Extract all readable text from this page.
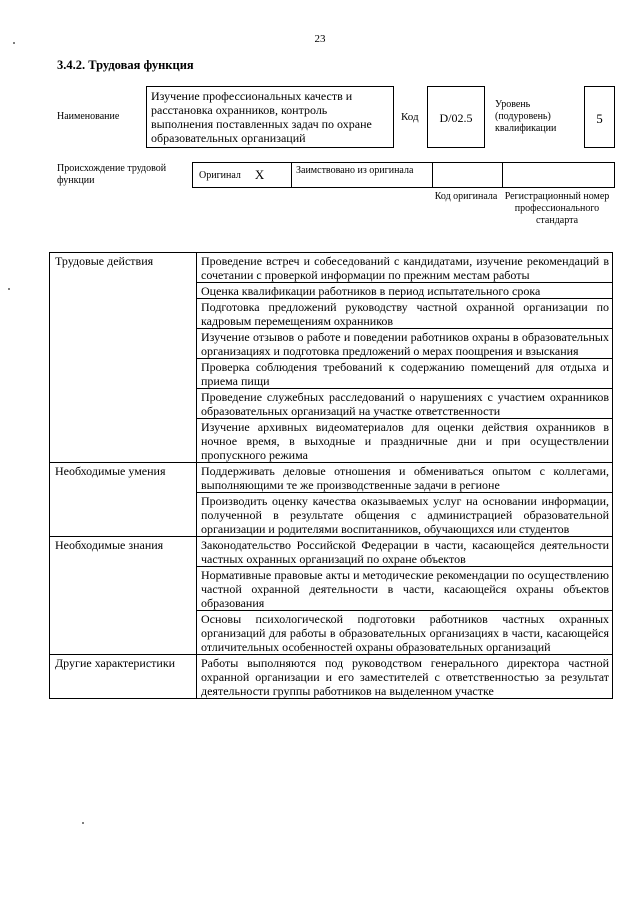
23
3.4.2. Трудовая функция
Наименование
Изучение профессиональных качеств и расстановка охранников, контроль выполнения поставленных задач по охране образовательных организаций
Код	D/02.5
Уровень (подуровень) квалификации
5
Происхождение трудовой функции	Оригинал X	Заимствовано из оригинала
Код оригинала Регистрационный номер профессионального стандарта
Трудовые действия	Проведение встреч и собеседований с кандидатами, изучение рекомендаций в сочетании с проверкой информации по прежним местам работы
	Оценка квалификации работников в период испытательного срока
	Подготовка предложений руководству частной охранной организации по кадровым перемещениям охранников
	Изучение отзывов о работе и поведении работников охраны в образовательных организациях и подготовка предложений о мерах поощрения и взыскания
	Проверка соблюдения требований к содержанию помещений для отдыха и приема пищи
	Проведение служебных расследований о нарушениях с участием охранников образовательных организаций на участке ответственности
	Изучение архивных видеоматериалов для оценки действия охранников в ночное время, в выходные и праздничные дни и при осуществлении пропускного режима
Необходимые умения	Поддерживать деловые отношения и обмениваться опытом с коллегами, выполняющими те же производственные задачи в регионе
	Производить оценку качества оказываемых услуг на основании информации, полученной в результате общения с администрацией образовательной организации и родителями воспитанников, обучающихся или студентов
Необходимые знания	Законодательство Российской Федерации в части, касающейся деятельности частных охранных организаций по охране объектов
	Нормативные правовые акты и методические рекомендации по осуществлению частной охранной деятельности в части, касающейся охраны объектов образования
	Основы психологической подготовки работников частных охранных организаций для работы в образовательных организациях в части, касающейся отличительных особенностей охраны образовательных организаций
Другие характеристики	Работы выполняются под руководством генерального директора частной охранной организации и его заместителей с ответственностью за результат деятельности группы работников на выделенном участке
